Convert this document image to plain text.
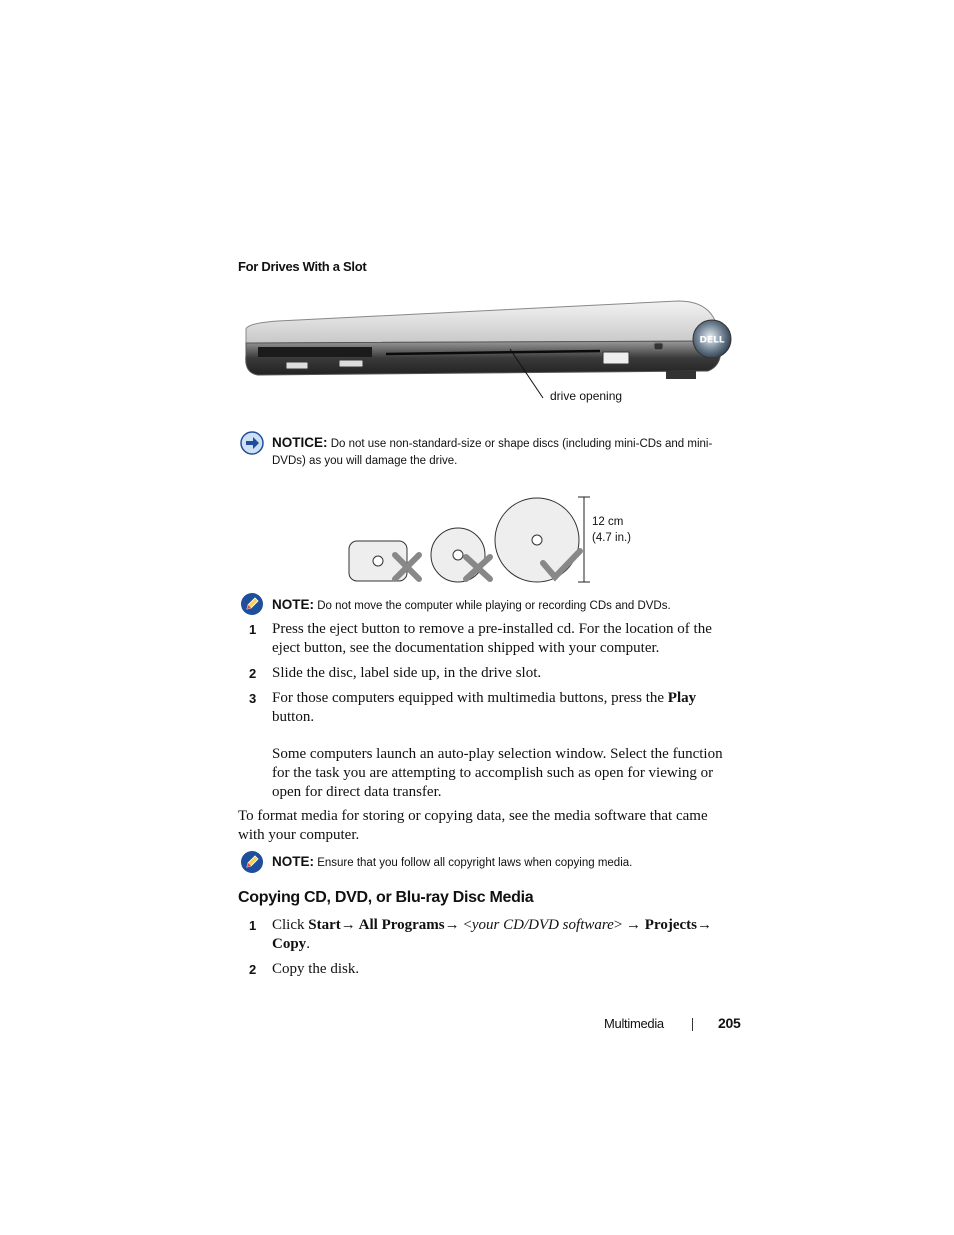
For Drives With a Slot
DELL
drive opening
NOTICE: Do not use non-standard-size or shape discs (including mini-CDs and mini-DVDs) as you will damage the drive.
12 cm
(4.7 in.)
NOTE: Do not move the computer while playing or recording CDs and DVDs.
1 Press the eject button to remove a pre-installed cd. For the location of the eject button, see the documentation shipped with your computer.
2 Slide the disc, label side up, in the drive slot.
3 For those computers equipped with multimedia buttons, press the Play button.
Some computers launch an auto-play selection window. Select the function for the task you are attempting to accomplish such as open for viewing or open for direct data transfer.
To format media for storing or copying data, see the media software that came with your computer.
NOTE: Ensure that you follow all copyright laws when copying media.
Copying CD, DVD, or Blu-ray Disc Media
1 Click Start→ All Programs→ <your CD/DVD software> → Projects→ Copy.
2 Copy the disk.
Multimedia	205
